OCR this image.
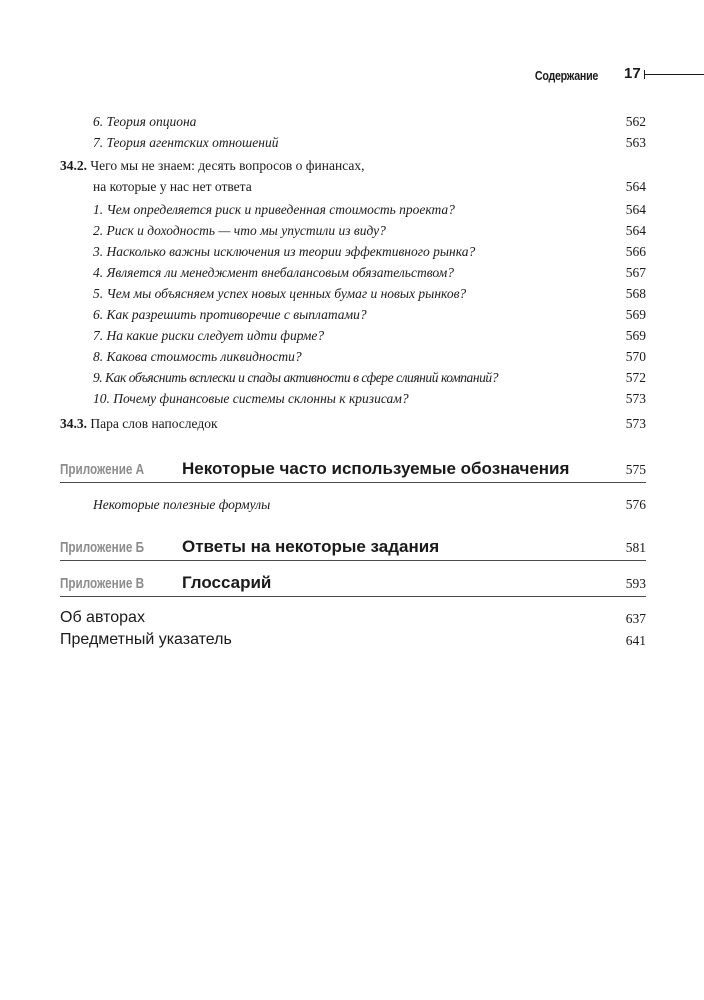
Содержание 17
6. Теория опциона	562
7. Теория агентских отношений	563
34.2. Чего мы не знаем: десять вопросов о финансах,
на которые у нас нет ответа	564
1. Чем определяется риск и приведенная стоимость проекта?	564
2. Риск и доходность — что мы упустили из виду?	564
3. Насколько важны исключения из теории эффективного рынка?	566
4. Является ли менеджмент внебалансовым обязательством?	567
5. Чем мы объясняем успех новых ценных бумаг и новых рынков?	568
6. Как разрешить противоречие с выплатами?	569
7. На какие риски следует идти фирме?	569
8. Какова стоимость ликвидности?	570
9. Как объяснить всплески и спады активности в сфере слияний компаний?	572
10. Почему финансовые системы склонны к кризисам?	573
34.3. Пара слов напоследок	573
Приложение А Некоторые часто используемые обозначения	575
Некоторые полезные формулы	576
Приложение Б Ответы на некоторые задания	581
Приложение В Глоссарий	593
Об авторах	637
Предметный указатель	641
